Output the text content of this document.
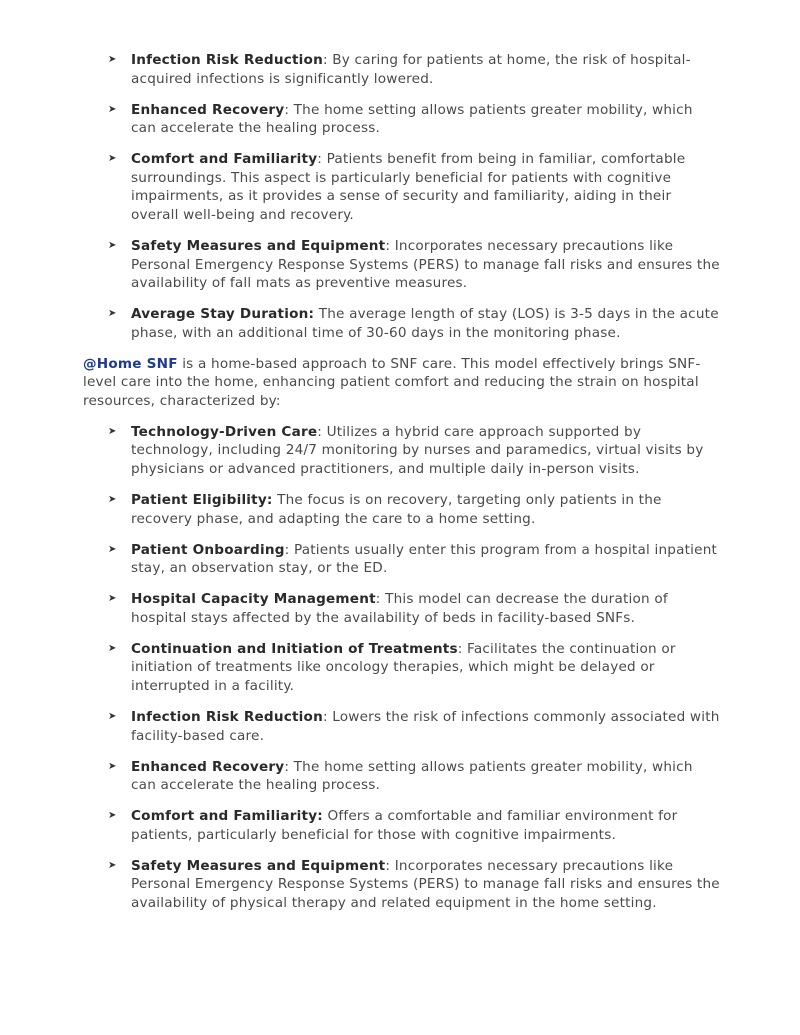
➤ Infection Risk Reduction: By caring for patients at home, the risk of hospital-acquired infections is significantly lowered.
➤ Enhanced Recovery: The home setting allows patients greater mobility, which can accelerate the healing process.
➤ Comfort and Familiarity: Patients benefit from being in familiar, comfortable surroundings. This aspect is particularly beneficial for patients with cognitive impairments, as it provides a sense of security and familiarity, aiding in their overall well-being and recovery.
➤ Safety Measures and Equipment: Incorporates necessary precautions like Personal Emergency Response Systems (PERS) to manage fall risks and ensures the availability of fall mats as preventive measures.
➤ Average Stay Duration: The average length of stay (LOS) is 3-5 days in the acute phase, with an additional time of 30-60 days in the monitoring phase.

@Home SNF is a home-based approach to SNF care. This model effectively brings SNF-level care into the home, enhancing patient comfort and reducing the strain on hospital resources, characterized by:

➤ Technology-Driven Care: Utilizes a hybrid care approach supported by technology, including 24/7 monitoring by nurses and paramedics, virtual visits by physicians or advanced practitioners, and multiple daily in-person visits.
➤ Patient Eligibility: The focus is on recovery, targeting only patients in the recovery phase, and adapting the care to a home setting.
➤ Patient Onboarding: Patients usually enter this program from a hospital inpatient stay, an observation stay, or the ED.
➤ Hospital Capacity Management: This model can decrease the duration of hospital stays affected by the availability of beds in facility-based SNFs.
➤ Continuation and Initiation of Treatments: Facilitates the continuation or initiation of treatments like oncology therapies, which might be delayed or interrupted in a facility.
➤ Infection Risk Reduction: Lowers the risk of infections commonly associated with facility-based care.
➤ Enhanced Recovery: The home setting allows patients greater mobility, which can accelerate the healing process.
➤ Comfort and Familiarity: Offers a comfortable and familiar environment for patients, particularly beneficial for those with cognitive impairments.
➤ Safety Measures and Equipment: Incorporates necessary precautions like Personal Emergency Response Systems (PERS) to manage fall risks and ensures the availability of physical therapy and related equipment in the home setting.
